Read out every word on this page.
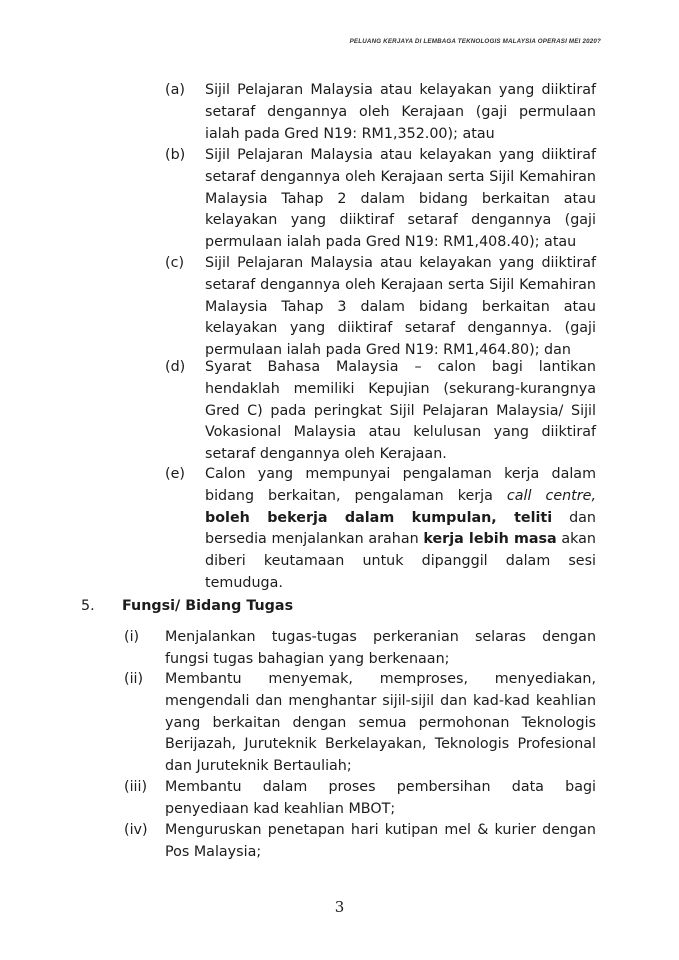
PELUANG KERJAYA DI LEMBAGA TEKNOLOGIS MALAYSIA OPERASI MEI 2020?
(a) Sijil Pelajaran Malaysia atau kelayakan yang diiktiraf setaraf dengannya oleh Kerajaan (gaji permulaan ialah pada Gred N19: RM1,352.00); atau
(b) Sijil Pelajaran Malaysia atau kelayakan yang diiktiraf setaraf dengannya oleh Kerajaan serta Sijil Kemahiran Malaysia Tahap 2 dalam bidang berkaitan atau kelayakan yang diiktiraf setaraf dengannya (gaji permulaan ialah pada Gred N19: RM1,408.40); atau
(c) Sijil Pelajaran Malaysia atau kelayakan yang diiktiraf setaraf dengannya oleh Kerajaan serta Sijil Kemahiran Malaysia Tahap 3 dalam bidang berkaitan atau kelayakan yang diiktiraf setaraf dengannya. (gaji permulaan ialah pada Gred N19: RM1,464.80); dan
(d) Syarat Bahasa Malaysia – calon bagi lantikan hendaklah memiliki Kepujian (sekurang-kurangnya Gred C) pada peringkat Sijil Pelajaran Malaysia/ Sijil Vokasional Malaysia atau kelulusan yang diiktiraf setaraf dengannya oleh Kerajaan.
(e) Calon yang mempunyai pengalaman kerja dalam bidang berkaitan, pengalaman kerja call centre, boleh bekerja dalam kumpulan, teliti dan bersedia menjalankan arahan kerja lebih masa akan diberi keutamaan untuk dipanggil dalam sesi temuduga.
5. Fungsi/ Bidang Tugas
(i) Menjalankan tugas-tugas perkeranian selaras dengan fungsi tugas bahagian yang berkenaan;
(ii) Membantu menyemak, memproses, menyediakan, mengendali dan menghantar sijil-sijil dan kad-kad keahlian yang berkaitan dengan semua permohonan Teknologis Berijazah, Juruteknik Berkelayakan, Teknologis Profesional dan Juruteknik Bertauliah;
(iii) Membantu dalam proses pembersihan data bagi penyediaan kad keahlian MBOT;
(iv) Menguruskan penetapan hari kutipan mel & kurier dengan Pos Malaysia;
3
